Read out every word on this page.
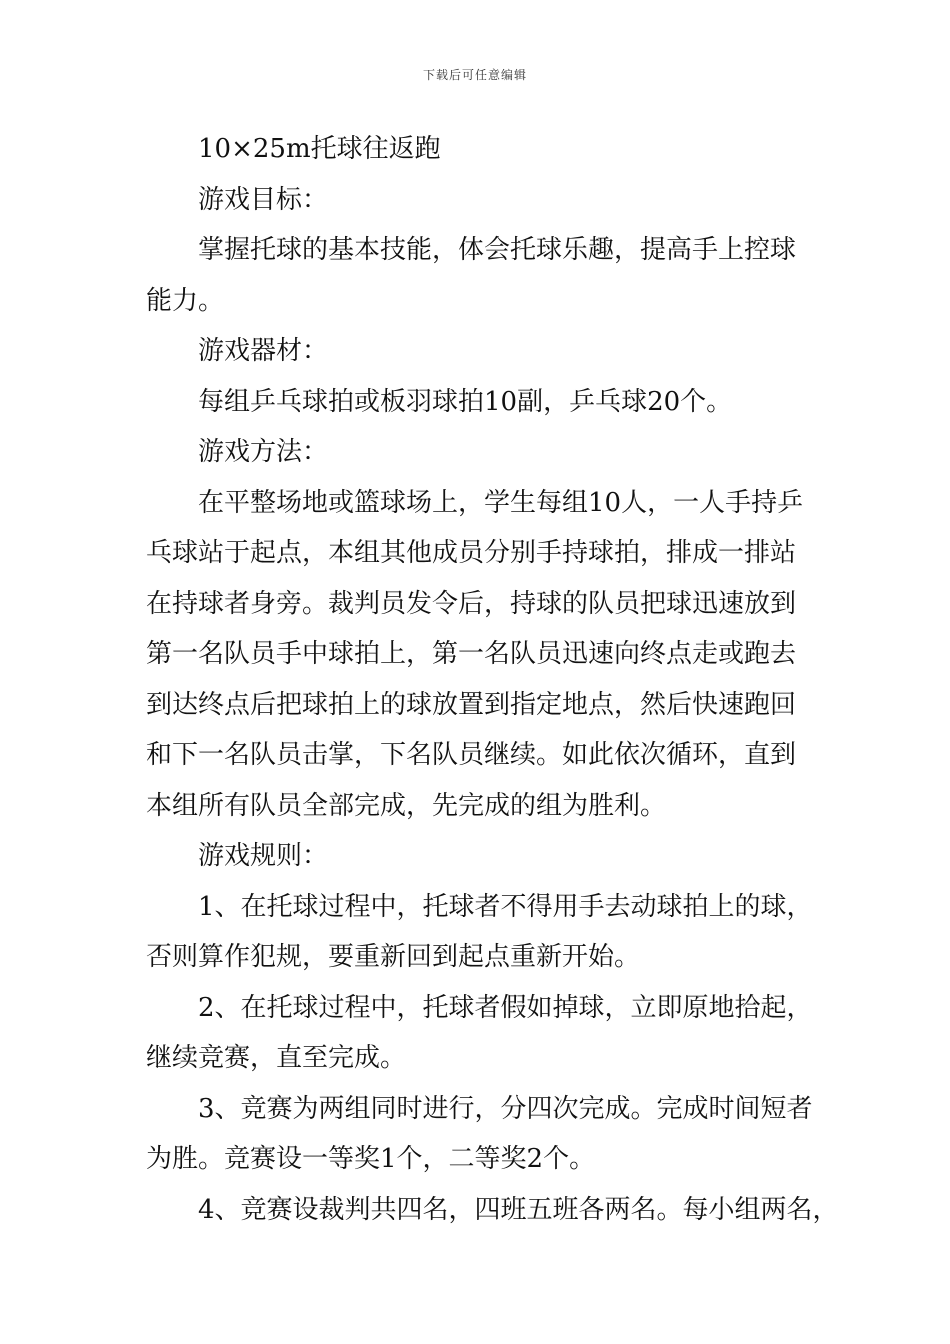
下载后可任意编辑
10×25m托球往返跑
游戏目标：
掌握托球的基本技能，体会托球乐趣，提高手上控球
能力。
游戏器材：
每组乒乓球拍或板羽球拍10副，乒乓球20个。
游戏方法：
在平整场地或篮球场上，学生每组10人，一人手持乒
乓球站于起点，本组其他成员分别手持球拍，排成一排站
在持球者身旁。裁判员发令后，持球的队员把球迅速放到
第一名队员手中球拍上，第一名队员迅速向终点走或跑去
到达终点后把球拍上的球放置到指定地点，然后快速跑回
和下一名队员击掌，下名队员继续。如此依次循环，直到
本组所有队员全部完成，先完成的组为胜利。
游戏规则：
1、在托球过程中，托球者不得用手去动球拍上的球，
否则算作犯规，要重新回到起点重新开始。
2、在托球过程中，托球者假如掉球，立即原地拾起，
继续竞赛，直至完成。
3、竞赛为两组同时进行，分四次完成。完成时间短者
为胜。竞赛设一等奖1个，二等奖2个。
4、竞赛设裁判共四名，四班五班各两名。每小组两名，
